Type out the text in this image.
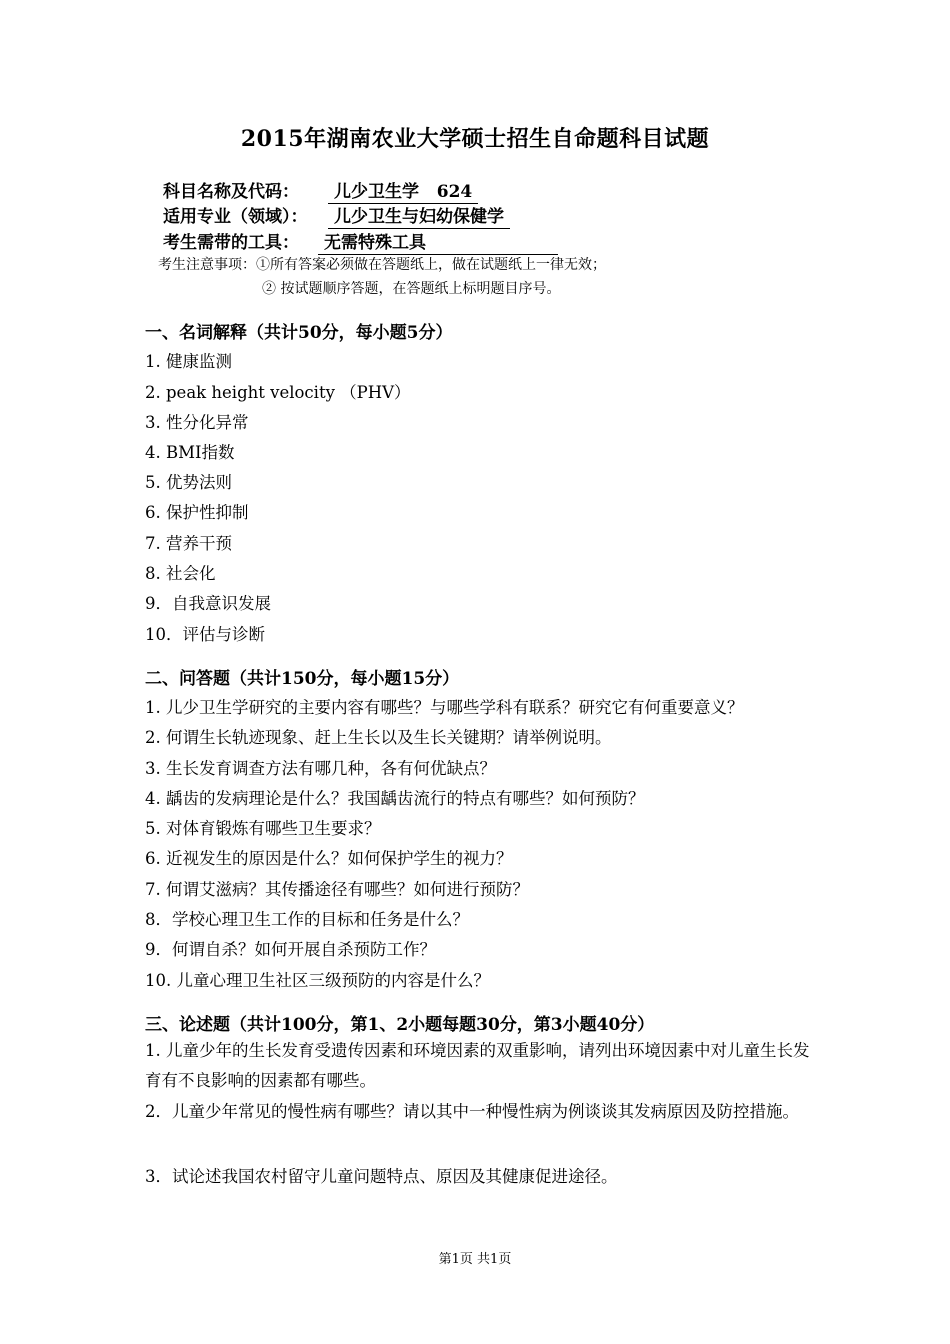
2015年湖南农业大学硕士招生自命题科目试题
科目名称及代码： 儿少卫生学   624
适用专业（领域）： 儿少卫生与妇幼保健学
考生需带的工具： 无需特殊工具
考生注意事项：①所有答案必须做在答题纸上，做在试题纸上一律无效；
② 按试题顺序答题，在答题纸上标明题目序号。
一、名词解释（共计50分，每小题5分）
1. 健康监测
2. peak height velocity （PHV）
3. 性分化异常
4. BMI指数
5. 优势法则
6. 保护性抑制
7. 营养干预
8. 社会化
9．自我意识发展
10．评估与诊断
二、问答题（共计150分，每小题15分）
1. 儿少卫生学研究的主要内容有哪些？与哪些学科有联系？研究它有何重要意义？
2. 何谓生长轨迹现象、赶上生长以及生长关键期？请举例说明。
3. 生长发育调查方法有哪几种，各有何优缺点？
4. 龋齿的发病理论是什么？我国龋齿流行的特点有哪些？如何预防？
5. 对体育锻炼有哪些卫生要求？
6. 近视发生的原因是什么？如何保护学生的视力？
7. 何谓艾滋病？其传播途径有哪些？如何进行预防？
8．学校心理卫生工作的目标和任务是什么？
9．何谓自杀？如何开展自杀预防工作？
10. 儿童心理卫生社区三级预防的内容是什么？
三、论述题（共计100分，第1、2小题每题30分，第3小题40分）
1. 儿童少年的生长发育受遗传因素和环境因素的双重影响，请列出环境因素中对儿童生长发育有不良影响的因素都有哪些。
2．儿童少年常见的慢性病有哪些？请以其中一种慢性病为例谈谈其发病原因及防控措施。
3．试论述我国农村留守儿童问题特点、原因及其健康促进途径。
第1页 共1页
